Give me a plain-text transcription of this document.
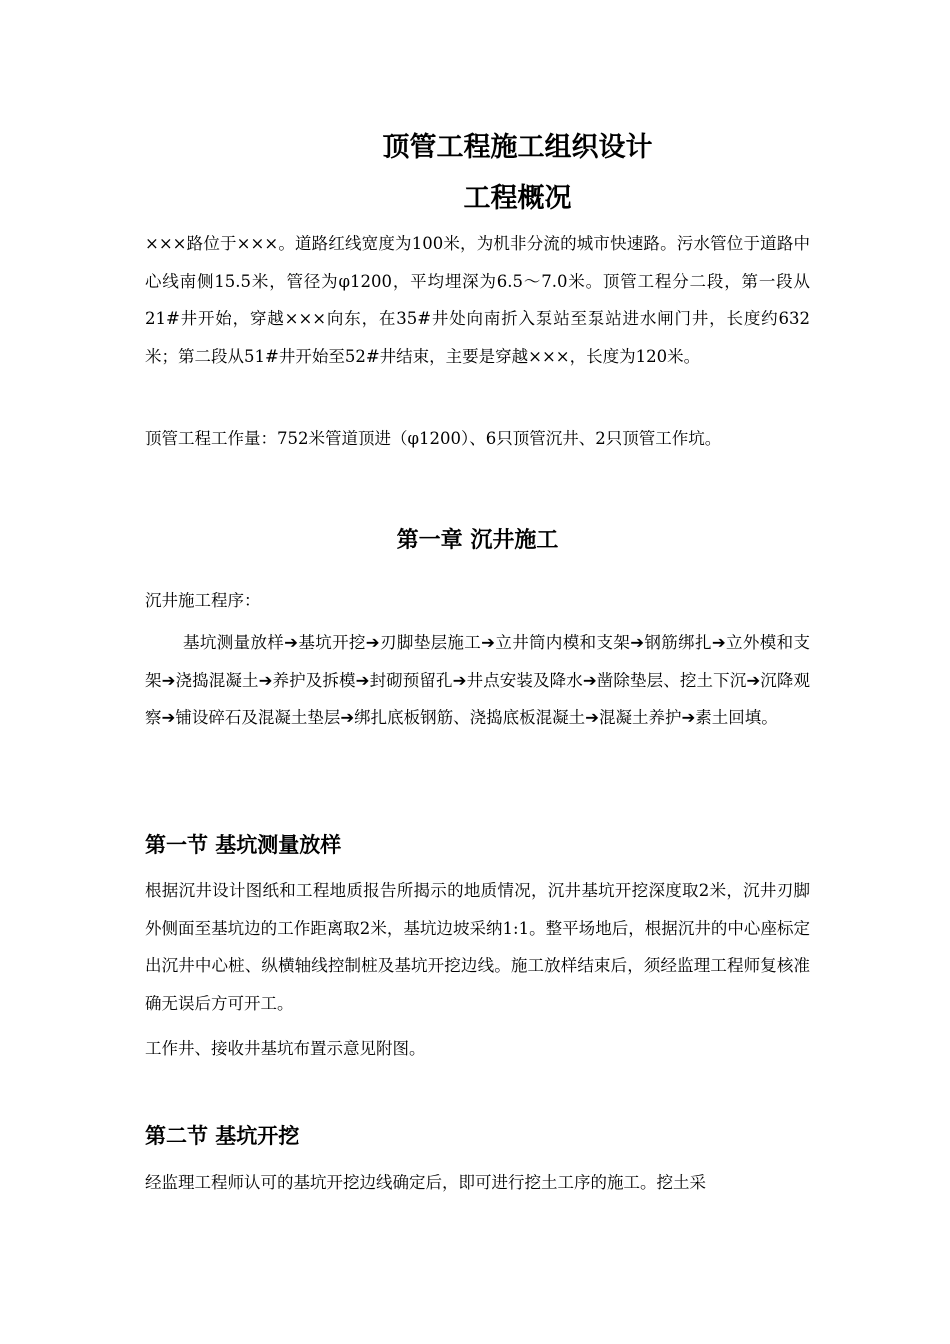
顶管工程施工组织设计
工程概况

×××路位于×××。道路红线宽度为100米，为机非分流的城市快速路。污水管位于道路中心线南侧15.5米，管径为φ1200，平均埋深为6.5～7.0米。顶管工程分二段，第一段从21#井开始，穿越×××向东，在35#井处向南折入泵站至泵站进水闸门井，长度约632米；第二段从51#井开始至52#井结束，主要是穿越×××，长度为120米。

顶管工程工作量：752米管道顶进（φ1200）、6只顶管沉井、2只顶管工作坑。

第一章 沉井施工

沉井施工程序：

基坑测量放样➔基坑开挖➔刃脚垫层施工➔立井筒内模和支架➔钢筋绑扎➔立外模和支架➔浇捣混凝土➔养护及拆模➔封砌预留孔➔井点安装及降水➔凿除垫层、挖土下沉➔沉降观察➔铺设碎石及混凝土垫层➔绑扎底板钢筋、浇捣底板混凝土➔混凝土养护➔素土回填。

第一节 基坑测量放样

根据沉井设计图纸和工程地质报告所揭示的地质情况，沉井基坑开挖深度取2米，沉井刃脚外侧面至基坑边的工作距离取2米，基坑边坡采纳1:1。整平场地后，根据沉井的中心座标定出沉井中心桩、纵横轴线控制桩及基坑开挖边线。施工放样结束后，须经监理工程师复核准确无误后方可开工。

工作井、接收井基坑布置示意见附图。

第二节 基坑开挖

经监理工程师认可的基坑开挖边线确定后，即可进行挖土工序的施工。挖土采
